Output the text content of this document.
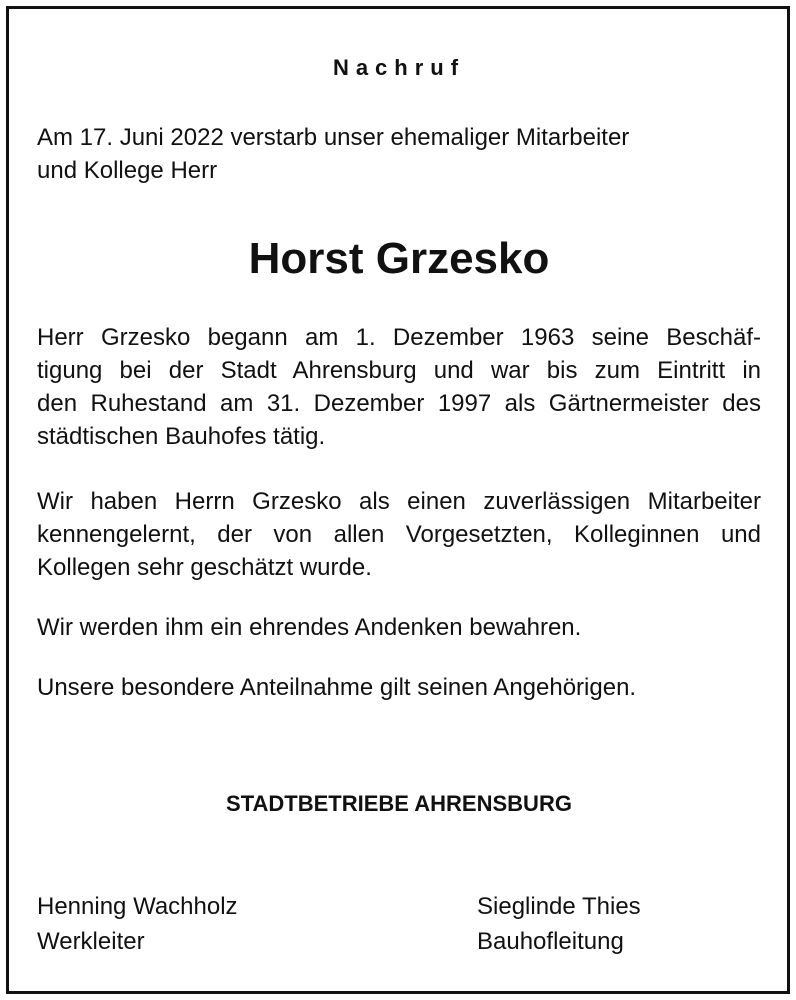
Nachruf
Am 17. Juni 2022 verstarb unser ehemaliger Mitarbeiter
und Kollege Herr
Horst Grzesko
Herr Grzesko begann am 1. Dezember 1963 seine Beschäf-
tigung bei der Stadt Ahrensburg und war bis zum Eintritt in
den Ruhestand am 31. Dezember 1997 als Gärtnermeister des
städtischen Bauhofes tätig.
Wir haben Herrn Grzesko als einen zuverlässigen Mitarbeiter
kennengelernt, der von allen Vorgesetzten, Kolleginnen und
Kollegen sehr geschätzt wurde.
Wir werden ihm ein ehrendes Andenken bewahren.
Unsere besondere Anteilnahme gilt seinen Angehörigen.
STADTBETRIEBE AHRENSBURG
Henning Wachholz
Werkleiter
Sieglinde Thies
Bauhofleitung
